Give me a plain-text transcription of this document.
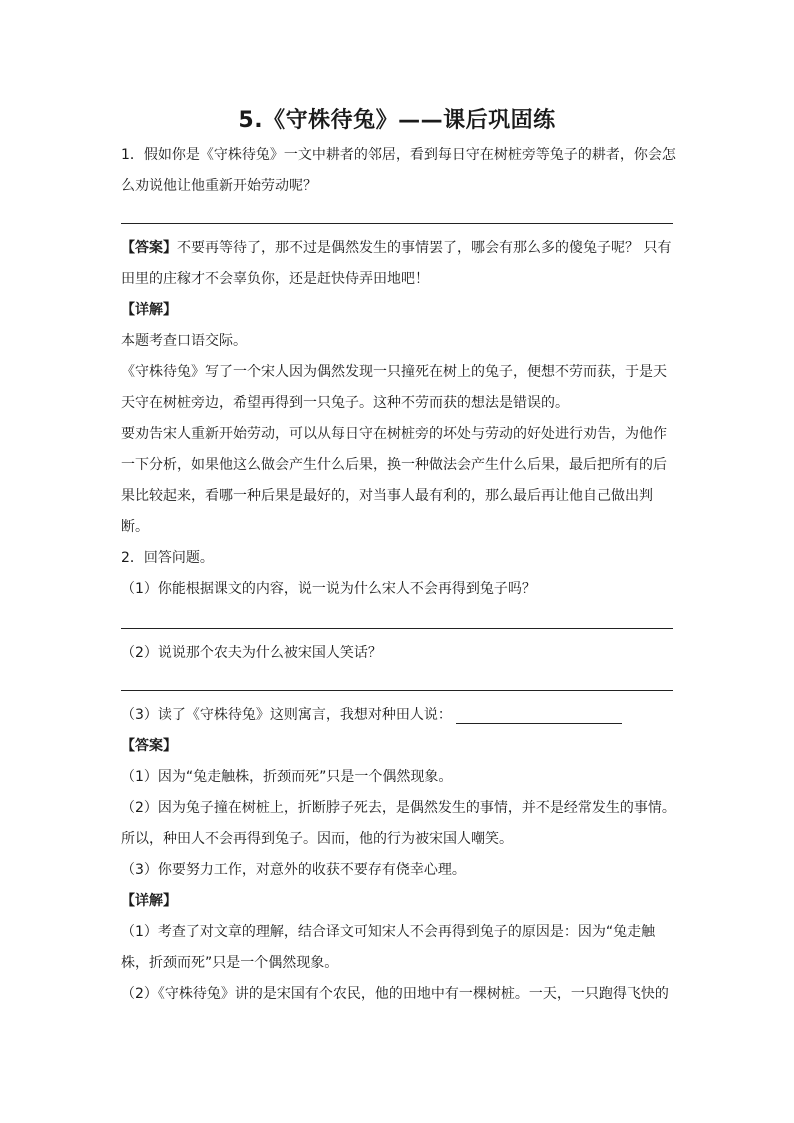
5.《守株待兔》——课后巩固练
1．假如你是《守株待兔》一文中耕者的邻居，看到每日守在树桩旁等兔子的耕者，你会怎
么劝说他让他重新开始劳动呢？
【答案】不要再等待了，那不过是偶然发生的事情罢了，哪会有那么多的傻兔子呢？ 只有
田里的庄稼才不会辜负你，还是赶快侍弄田地吧！
【详解】
本题考查口语交际。
《守株待兔》写了一个宋人因为偶然发现一只撞死在树上的兔子，便想不劳而获，于是天
天守在树桩旁边，希望再得到一只兔子。这种不劳而获的想法是错误的。
要劝告宋人重新开始劳动，可以从每日守在树桩旁的坏处与劳动的好处进行劝告，为他作
一下分析，如果他这么做会产生什么后果，换一种做法会产生什么后果，最后把所有的后
果比较起来，看哪一种后果是最好的，对当事人最有利的，那么最后再让他自己做出判
断。
2．回答问题。
（1）你能根据课文的内容，说一说为什么宋人不会再得到兔子吗？
（2）说说那个农夫为什么被宋国人笑话？
（3）读了《守株待兔》这则寓言，我想对种田人说：
【答案】
（1）因为“兔走触株，折颈而死”只是一个偶然现象。
（2）因为兔子撞在树桩上，折断脖子死去，是偶然发生的事情，并不是经常发生的事情。
所以，种田人不会再得到兔子。因而，他的行为被宋国人嘲笑。
（3）你要努力工作，对意外的收获不要存有侥幸心理。
【详解】
（1）考查了对文章的理解，结合译文可知宋人不会再得到兔子的原因是：因为“兔走触
株，折颈而死”只是一个偶然现象。
（2）《守株待兔》讲的是宋国有个农民，他的田地中有一棵树桩。一天，一只跑得飞快的
